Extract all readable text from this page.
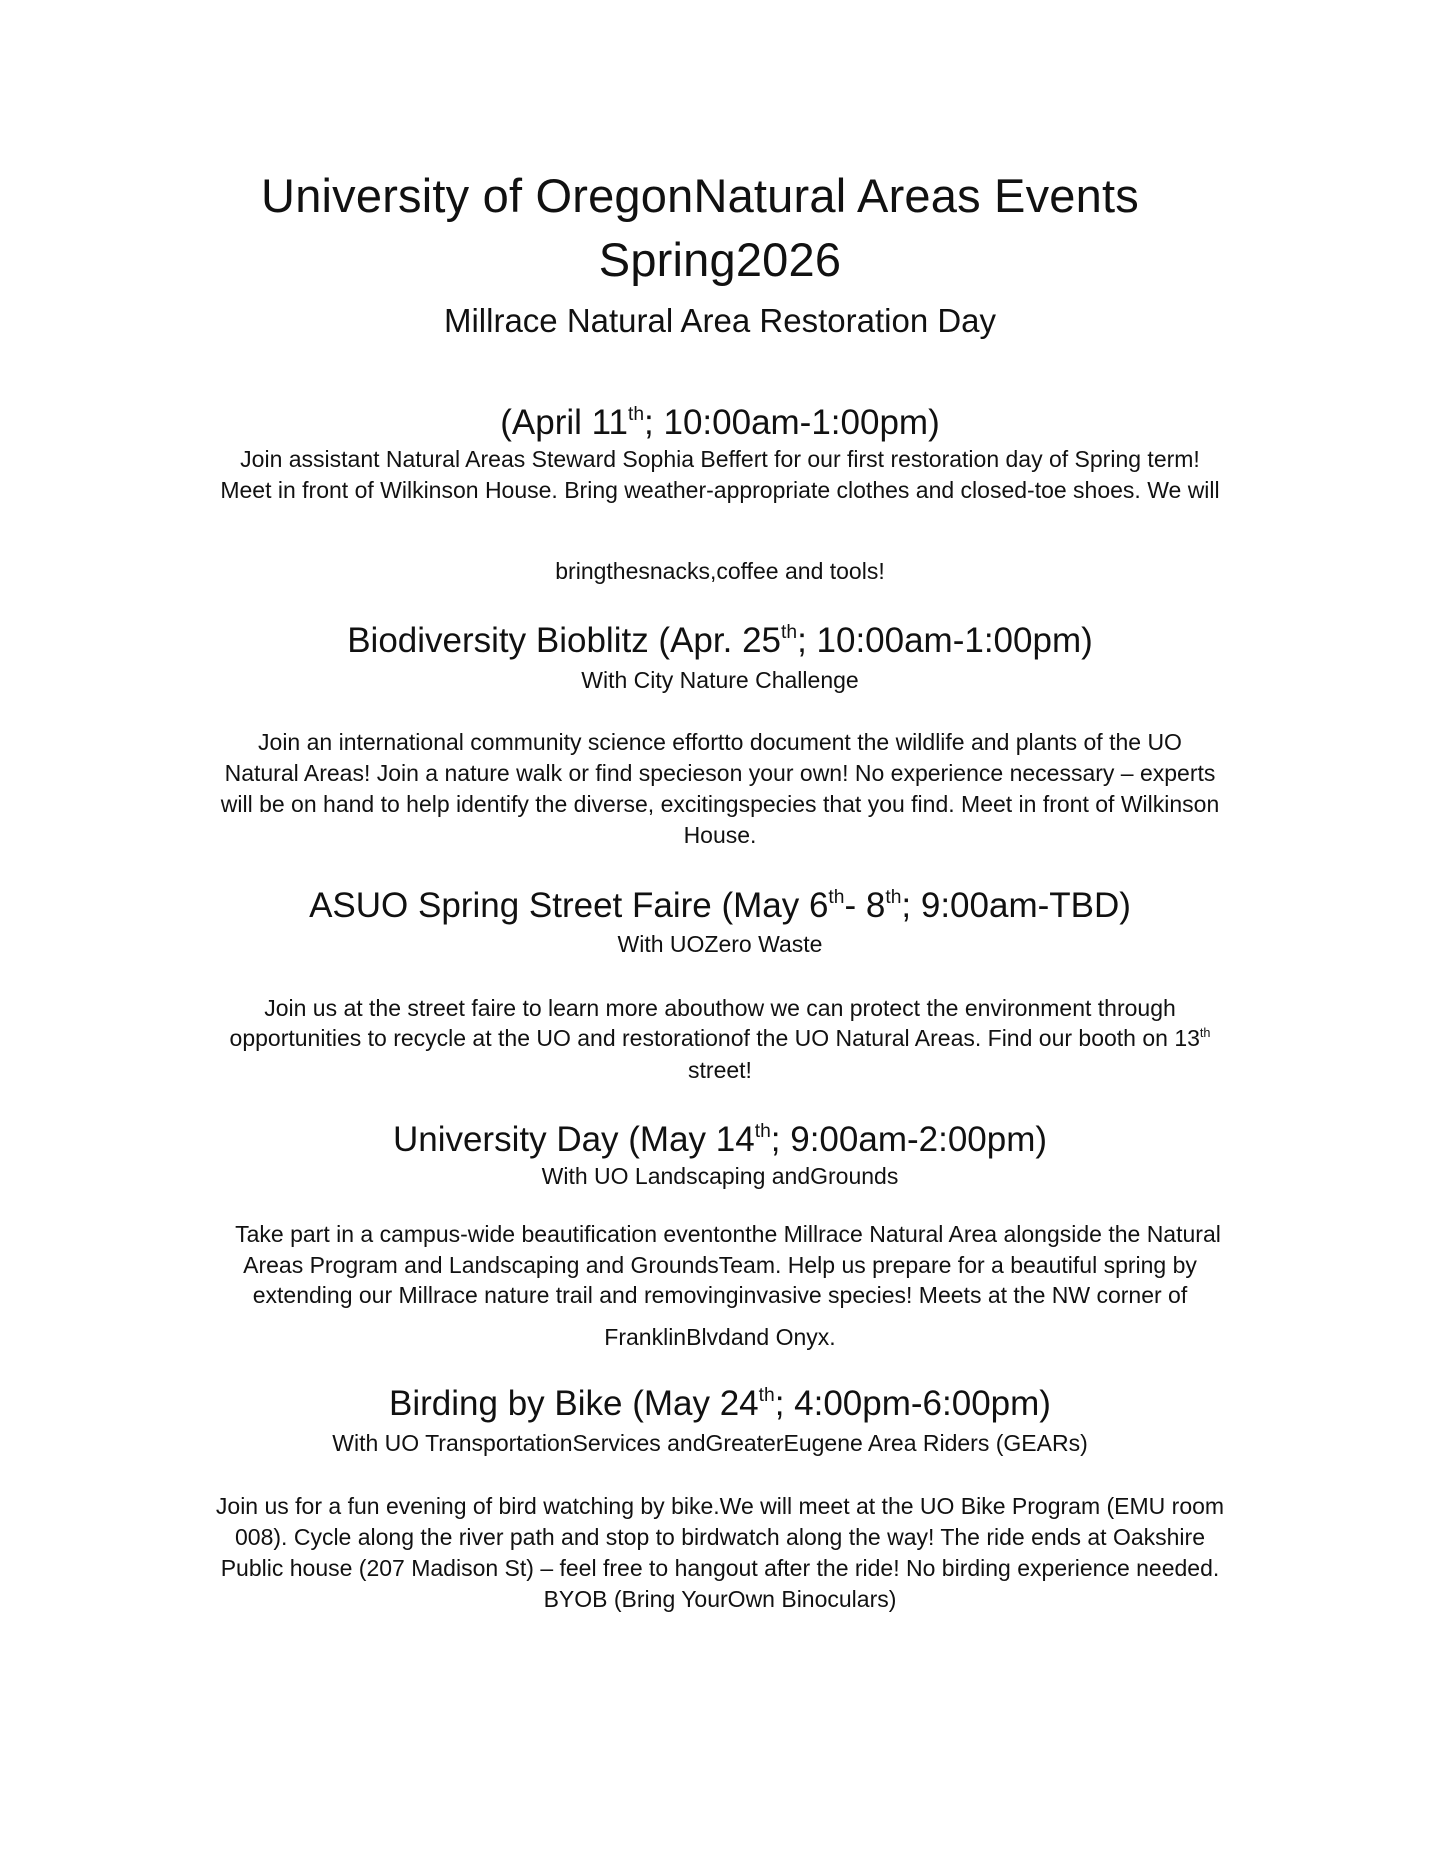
University of OregonNatural Areas Events
Spring2026
Millrace Natural Area Restoration Day
(April 11th; 10:00am-1:00pm)
Join assistant Natural Areas Steward Sophia Beffert for our first restoration day of Spring term!
Meet in front of Wilkinson House. Bring weather-appropriate clothes and closed-toe shoes. We will
bringthesnacks,coffee and tools!
Biodiversity Bioblitz (Apr. 25th; 10:00am-1:00pm)
With City Nature Challenge
Join an international community science effortto document the wildlife and plants of the UO
Natural Areas! Join a nature walk or find specieson your own! No experience necessary – experts
will be on hand to help identify the diverse, excitingspecies that you find. Meet in front of Wilkinson
House.
ASUO Spring Street Faire (May 6th- 8th; 9:00am-TBD)
With UOZero Waste
Join us at the street faire to learn more abouthow we can protect the environment through
opportunities to recycle at the UO and restorationof the UO Natural Areas. Find our booth on 13th
street!
University Day (May 14th; 9:00am-2:00pm)
With UO Landscaping andGrounds
Take part in a campus-wide beautification eventonthe Millrace Natural Area alongside the Natural
Areas Program and Landscaping and GroundsTeam. Help us prepare for a beautiful spring by
extending our Millrace nature trail and removinginvasive species! Meets at the NW corner of
FranklinBlvdand Onyx.
Birding by Bike (May 24th; 4:00pm-6:00pm)
With UO TransportationServices andGreaterEugene Area Riders (GEARs)
Join us for a fun evening of bird watching by bike.We will meet at the UO Bike Program (EMU room
008). Cycle along the river path and stop to birdwatch along the way! The ride ends at Oakshire
Public house (207 Madison St) – feel free to hangout after the ride! No birding experience needed.
BYOB (Bring YourOwn Binoculars)
